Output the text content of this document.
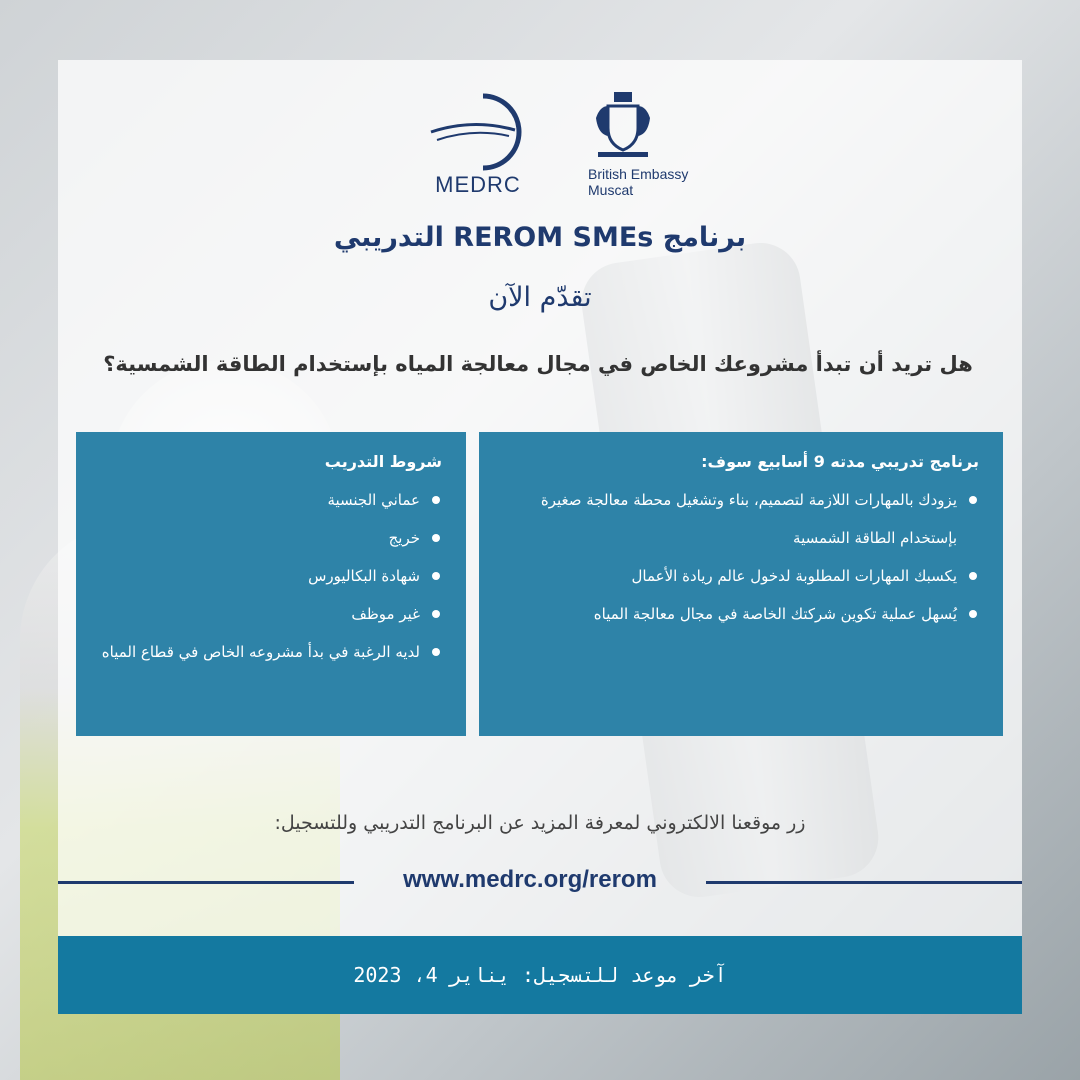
MEDRC	British Embassy
Muscat
برنامج REROM SMEs التدريبي
تقدّم الآن
هل تريد أن تبدأ مشروعك الخاص في مجال معالجة المياه بإستخدام الطاقة الشمسية؟
برنامج تدريبي مدته 9 أسابيع سوف:
يزودك بالمهارات اللازمة لتصميم، بناء وتشغيل محطة معالجة صغيرة بإستخدام الطاقة الشمسية
يكسبك المهارات المطلوبة لدخول عالم ريادة الأعمال
يُسهل عملية تكوين شركتك الخاصة في مجال معالجة المياه
شروط التدريب
عماني الجنسية
خريج
شهادة البكاليورس
غير موظف
لديه الرغبة في بدأ مشروعه الخاص في قطاع المياه
زر موقعنا الالكتروني لمعرفة المزيد عن البرنامج التدريبي وللتسجيل:
www.medrc.org/rerom
آخر موعد للتسجيل: يناير 4، 2023
